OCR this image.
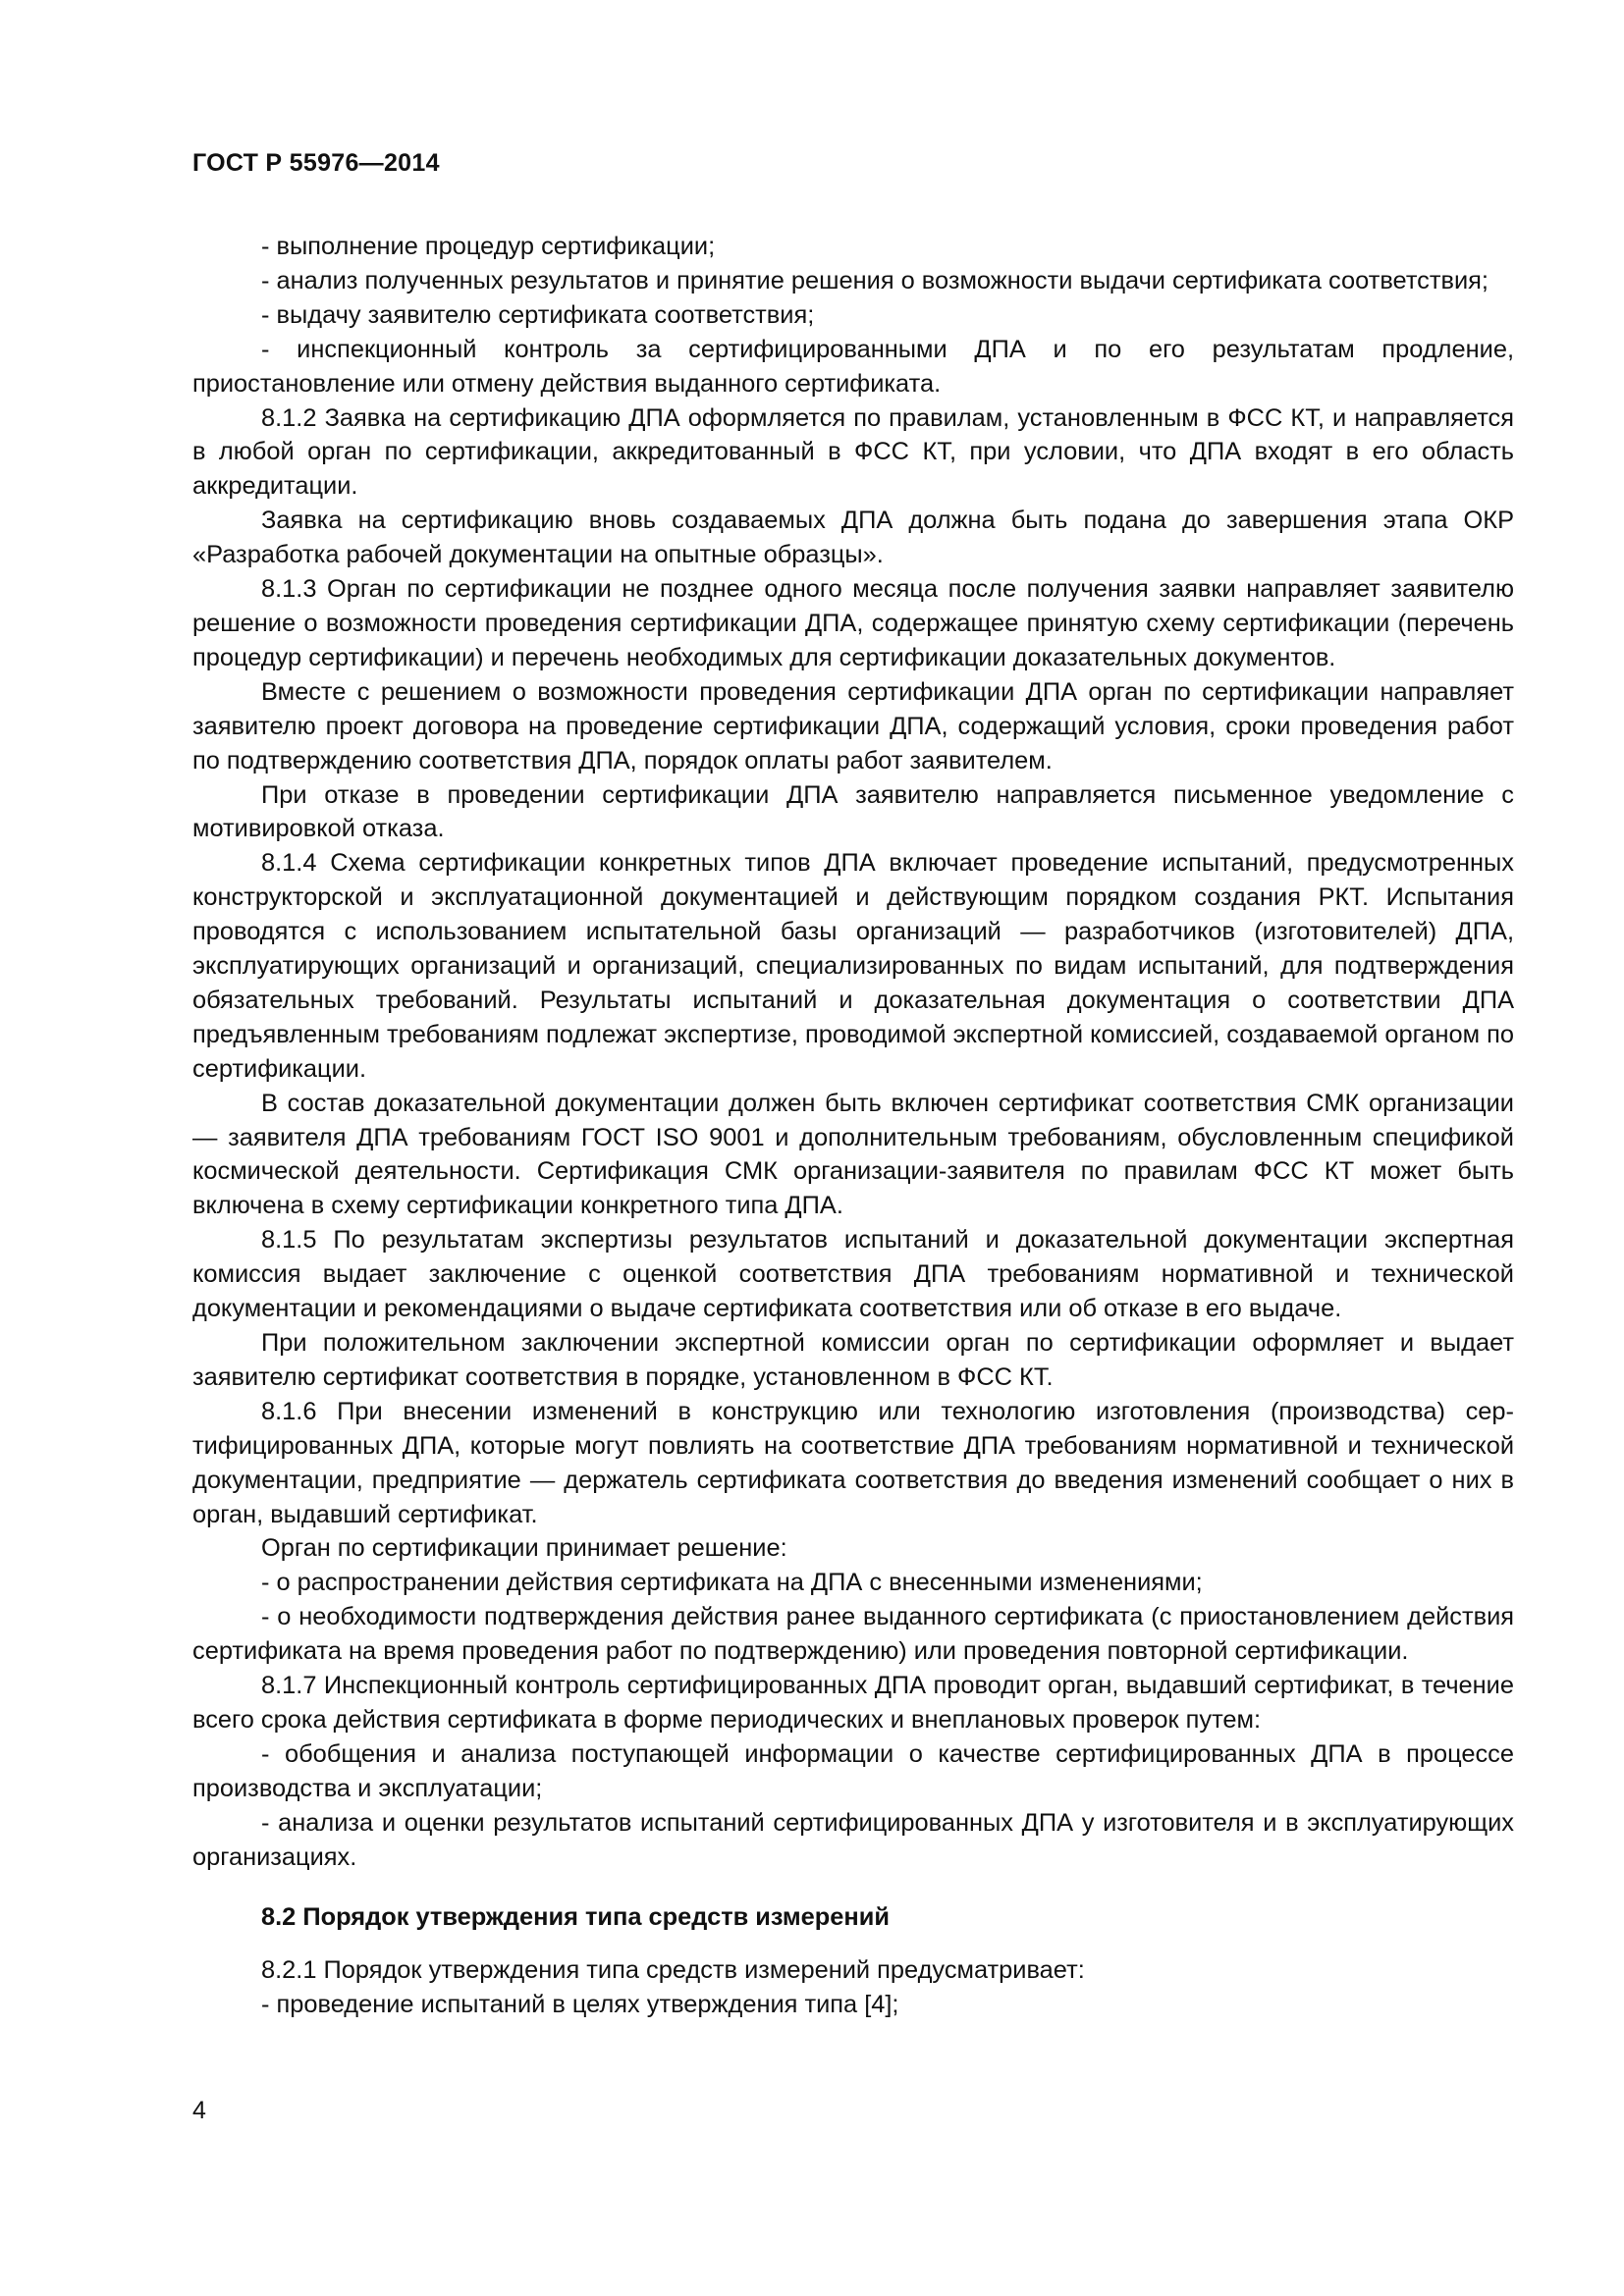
ГОСТ Р 55976—2014

- выполнение процедур сертификации;

- анализ полученных результатов и принятие решения о возможности выдачи сертификата соответствия;

- выдачу заявителю сертификата соответствия;

- инспекционный контроль за сертифицированными ДПА и по его результатам продление, приостановление или отмену действия выданного сертификата.

8.1.2 Заявка на сертификацию ДПА оформляется по правилам, установленным в ФСС КТ, и направляется в любой орган по сертификации, аккредитованный в ФСС КТ, при условии, что ДПА входят в его область аккредитации.

Заявка на сертификацию вновь создаваемых ДПА должна быть подана до завершения этапа ОКР «Разработка рабочей документации на опытные образцы».

8.1.3 Орган по сертификации не позднее одного месяца после получения заявки направляет заявителю решение о возможности проведения сертификации ДПА, содержащее принятую схему сертификации (перечень процедур сертификации) и перечень необходимых для сертификации доказательных документов.

Вместе с решением о возможности проведения сертификации ДПА орган по сертификации направляет заявителю проект договора на проведение сертификации ДПА, содержащий условия, сроки проведения работ по подтверждению соответствия ДПА, порядок оплаты работ заявителем.

При отказе в проведении сертификации ДПА заявителю направляется письменное уведомление с мотивировкой отказа.

8.1.4 Схема сертификации конкретных типов ДПА включает проведение испытаний, предусмотренных конструкторской и эксплуатационной документацией и действующим порядком создания РКТ. Испытания проводятся с использованием испытательной базы организаций — разработчиков (изготовителей) ДПА, эксплуатирующих организаций и организаций, специализированных по видам испытаний, для подтверждения обязательных требований. Результаты испытаний и доказательная документация о соответствии ДПА предъявленным требованиям подлежат экспертизе, проводимой экспертной комиссией, создаваемой органом по сертификации.

В состав доказательной документации должен быть включен сертификат соответствия СМК организации — заявителя ДПА требованиям ГОСТ ISO 9001 и дополнительным требованиям, обусловленным спецификой космической деятельности. Сертификация СМК организации-заявителя по правилам ФСС КТ может быть включена в схему сертификации конкретного типа ДПА.

8.1.5 По результатам экспертизы результатов испытаний и доказательной документации экспертная комиссия выдает заключение с оценкой соответствия ДПА требованиям нормативной и технической документации и рекомендациями о выдаче сертификата соответствия или об отказе в его выдаче.

При положительном заключении экспертной комиссии орган по сертификации оформляет и выдает заявителю сертификат соответствия в порядке, установленном в ФСС КТ.

8.1.6 При внесении изменений в конструкцию или технологию изготовления (производства) сертифицированных ДПА, которые могут повлиять на соответствие ДПА требованиям нормативной и технической документации, предприятие — держатель сертификата соответствия до введения изменений сообщает о них в орган, выдавший сертификат.

Орган по сертификации принимает решение:

- о распространении действия сертификата на ДПА с внесенными изменениями;

- о необходимости подтверждения действия ранее выданного сертификата (с приостановлением действия сертификата на время проведения работ по подтверждению) или проведения повторной сертификации.

8.1.7 Инспекционный контроль сертифицированных ДПА проводит орган, выдавший сертификат, в течение всего срока действия сертификата в форме периодических и внеплановых проверок путем:

- обобщения и анализа поступающей информации о качестве сертифицированных ДПА в процессе производства и эксплуатации;

- анализа и оценки результатов испытаний сертифицированных ДПА у изготовителя и в эксплуатирующих организациях.

8.2 Порядок утверждения типа средств измерений

8.2.1 Порядок утверждения типа средств измерений предусматривает:

- проведение испытаний в целях утверждения типа [4];

4
